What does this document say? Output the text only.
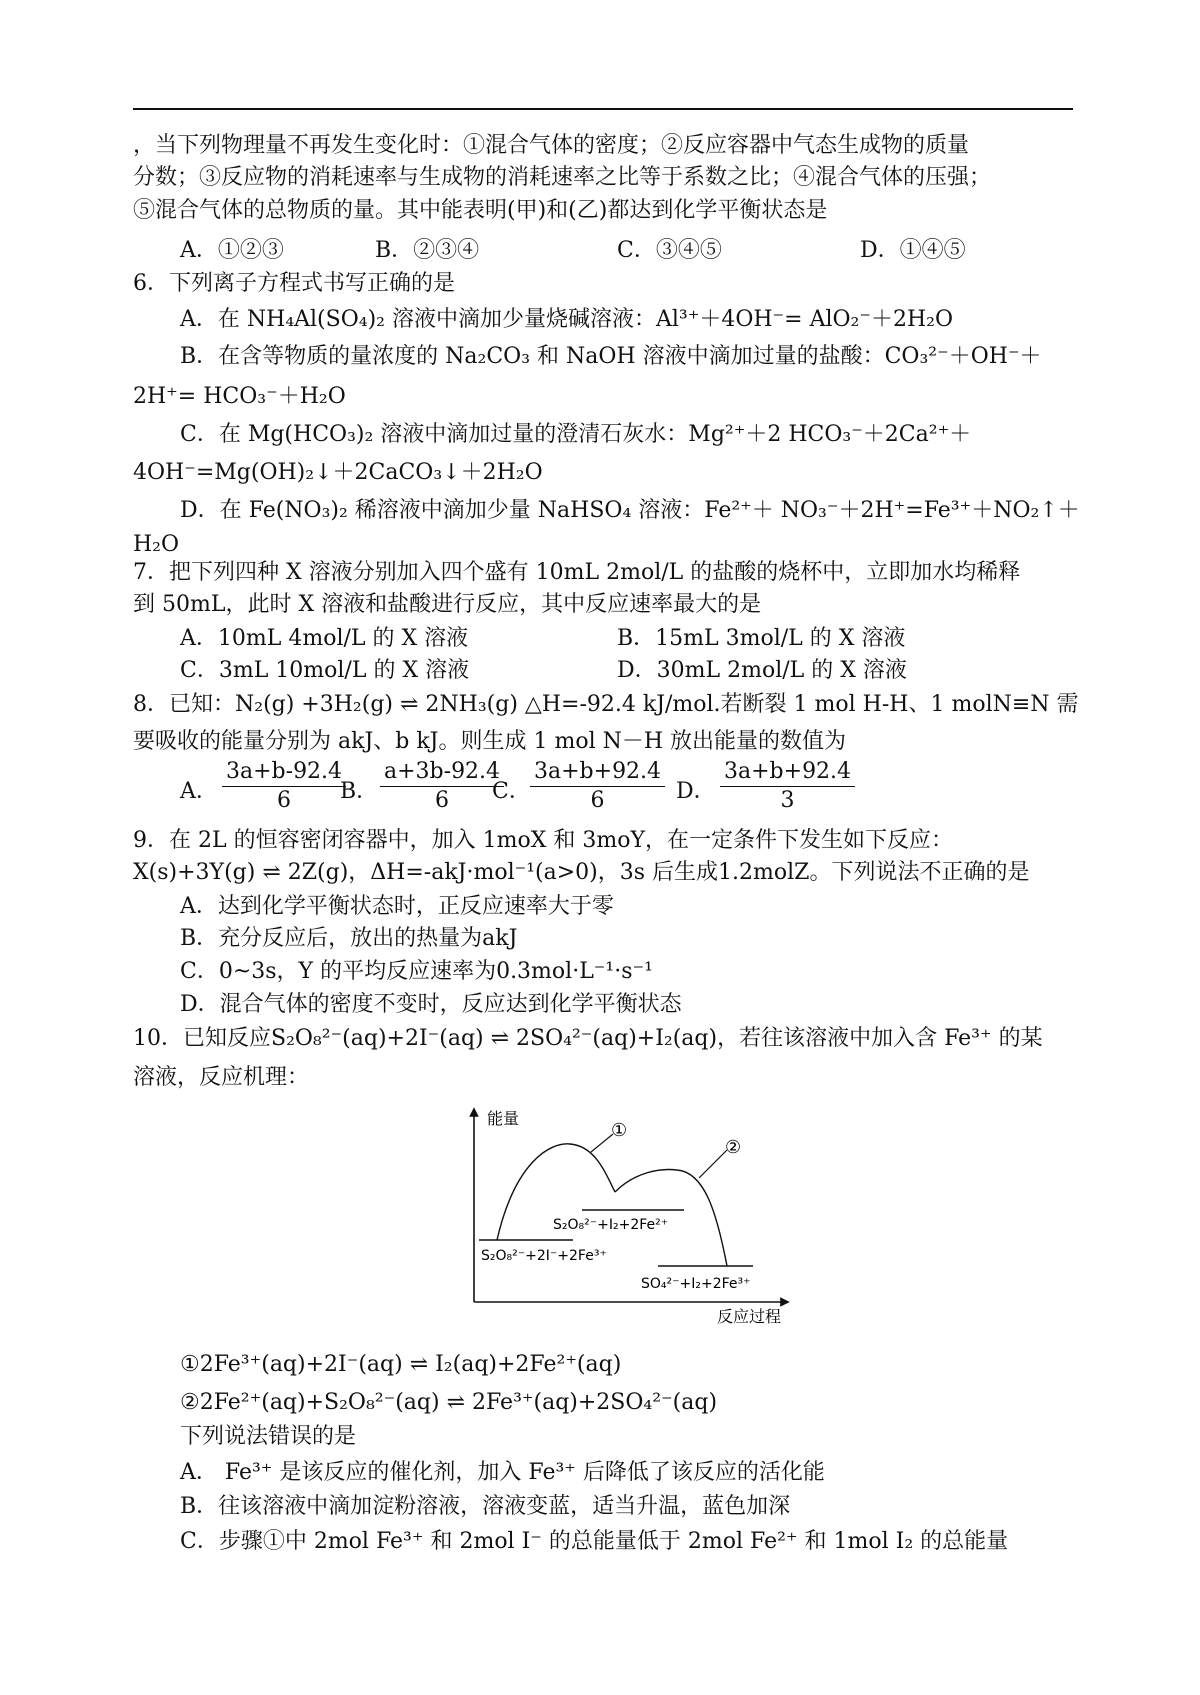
，当下列物理量不再发生变化时：①混合气体的密度；②反应容器中气态生成物的质量
分数；③反应物的消耗速率与生成物的消耗速率之比等于系数之比；④混合气体的压强；
⑤混合气体的总物质的量。其中能表明(甲)和(乙)都达到化学平衡状态是
A．①②③	B．②③④	C．③④⑤	D．①④⑤
6．下列离子方程式书写正确的是
A．在 NH₄Al(SO₄)₂ 溶液中滴加少量烧碱溶液：Al³⁺＋4OH⁻= AlO₂⁻＋2H₂O
B．在含等物质的量浓度的 Na₂CO₃ 和 NaOH 溶液中滴加过量的盐酸：CO₃²⁻＋OH⁻＋
2H⁺= HCO₃⁻＋H₂O
C．在 Mg(HCO₃)₂ 溶液中滴加过量的澄清石灰水：Mg²⁺＋2 HCO₃⁻＋2Ca²⁺＋
4OH⁻=Mg(OH)₂↓＋2CaCO₃↓＋2H₂O
D．在 Fe(NO₃)₂ 稀溶液中滴加少量 NaHSO₄ 溶液：Fe²⁺＋ NO₃⁻＋2H⁺=Fe³⁺＋NO₂↑＋
H₂O
7．把下列四种 X 溶液分别加入四个盛有 10mL 2mol/L 的盐酸的烧杯中，立即加水均稀释
到 50mL，此时 X 溶液和盐酸进行反应，其中反应速率最大的是
A．10mL 4mol/L 的 X 溶液	B．15mL 3mol/L 的 X 溶液
C．3mL 10mol/L 的 X 溶液	D．30mL 2mol/L 的 X 溶液
8．已知：N₂(g) +3H₂(g) ⇌ 2NH₃(g) △H=-92.4 kJ/mol.若断裂 1 mol H-H、1 molN≡N 需
要吸收的能量分别为 akJ、b kJ。则生成 1 mol N－H 放出能量的数值为
A． $\frac{3a+b-92.4}{6}$
B． $\frac{a+3b-92.4}{6}$
C． $\frac{3a+b+92.4}{6}$ D． $\frac{3a+b+92.4}{3}$
9．在 2L 的恒容密闭容器中，加入 1moX 和 3moY，在一定条件下发生如下反应：
X(s)+3Y(g) ⇌ 2Z(g)，ΔH=-akJ·mol⁻¹(a>0)，3s 后生成1.2molZ。下列说法不正确的是
A．达到化学平衡状态时，正反应速率大于零
B．充分反应后，放出的热量为akJ
C．0~3s，Y 的平均反应速率为0.3mol·L⁻¹·s⁻¹
D．混合气体的密度不变时，反应达到化学平衡状态
10．已知反应S₂O₈²⁻(aq)+2I⁻(aq) ⇌ 2SO₄²⁻(aq)+I₂(aq)，若往该溶液中加入含 Fe³⁺ 的某
溶液，反应机理：
能量
反应过程
①
②
S₂O₈²⁻+I₂+2Fe²⁺
S₂O₈²⁻+2I⁻+2Fe³⁺
SO₄²⁻+I₂+2Fe³⁺
①2Fe³⁺(aq)+2I⁻(aq) ⇌ I₂(aq)+2Fe²⁺(aq)
②2Fe²⁺(aq)+S₂O₈²⁻(aq) ⇌ 2Fe³⁺(aq)+2SO₄²⁻(aq)
下列说法错误的是
A． Fe³⁺ 是该反应的催化剂，加入 Fe³⁺ 后降低了该反应的活化能
B．往该溶液中滴加淀粉溶液，溶液变蓝，适当升温，蓝色加深
C．步骤①中 2mol Fe³⁺ 和 2mol I⁻ 的总能量低于 2mol Fe²⁺ 和 1mol I₂ 的总能量
